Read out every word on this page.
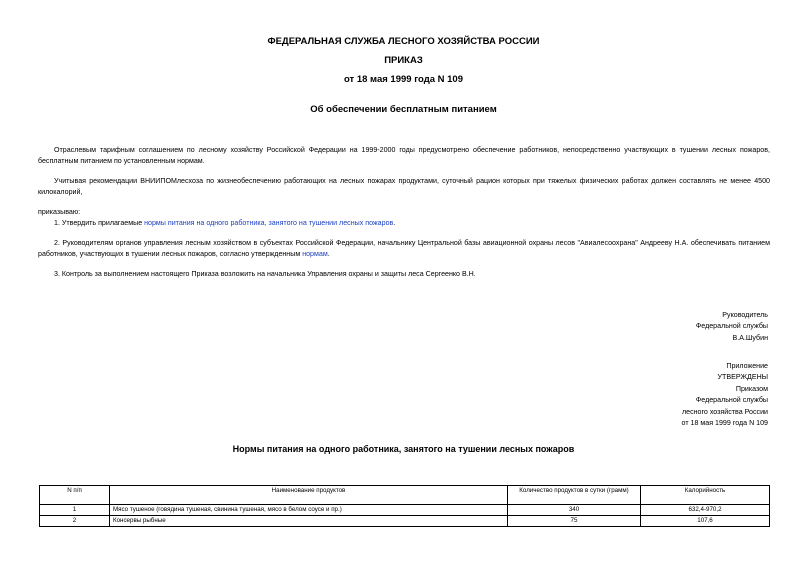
ФЕДЕРАЛЬНАЯ СЛУЖБА ЛЕСНОГО ХОЗЯЙСТВА РОССИИ
ПРИКАЗ
от 18 мая 1999 года N 109
Об обеспечении бесплатным питанием
Отраслевым тарифным соглашением по лесному хозяйству Российской Федерации на 1999-2000 годы предусмотрено обеспечение работников, непосредственно участвующих в тушении лесных пожаров, бесплатным питанием по установленным нормам.
Учитывая рекомендации ВНИИПОМлесхоза по жизнеобеспечению работающих на лесных пожарах продуктами, суточный рацион которых при тяжелых физических работах должен составлять не менее 4500 килокалорий,
приказываю:
1. Утвердить прилагаемые нормы питания на одного работника, занятого на тушении лесных пожаров.
2. Руководителям органов управления лесным хозяйством в субъектах Российской Федерации, начальнику Центральной базы авиационной охраны лесов "Авиалесоохрана" Андрееву Н.А. обеспечивать питанием работников, участвующих в тушении лесных пожаров, согласно утвержденным нормам.
3. Контроль за выполнением настоящего Приказа возложить на начальника Управления охраны и защиты леса Сергеенко В.Н.
Руководитель
Федеральной службы
В.А.Шубин
Приложение
УТВЕРЖДЕНЫ
Приказом
Федеральной службы
лесного хозяйства России
от 18 мая 1999 года N 109
Нормы питания на одного работника, занятого на тушении лесных пожаров
N п/п	Наименование продуктов	Количество продуктов в сутки (грамм)	Калорийность
1	Мясо тушеное (говядина тушеная, свинина тушеная, мясо в белом соусе и пр.)	340	632,4-970,2
2	Консервы рыбные	75	107,6
